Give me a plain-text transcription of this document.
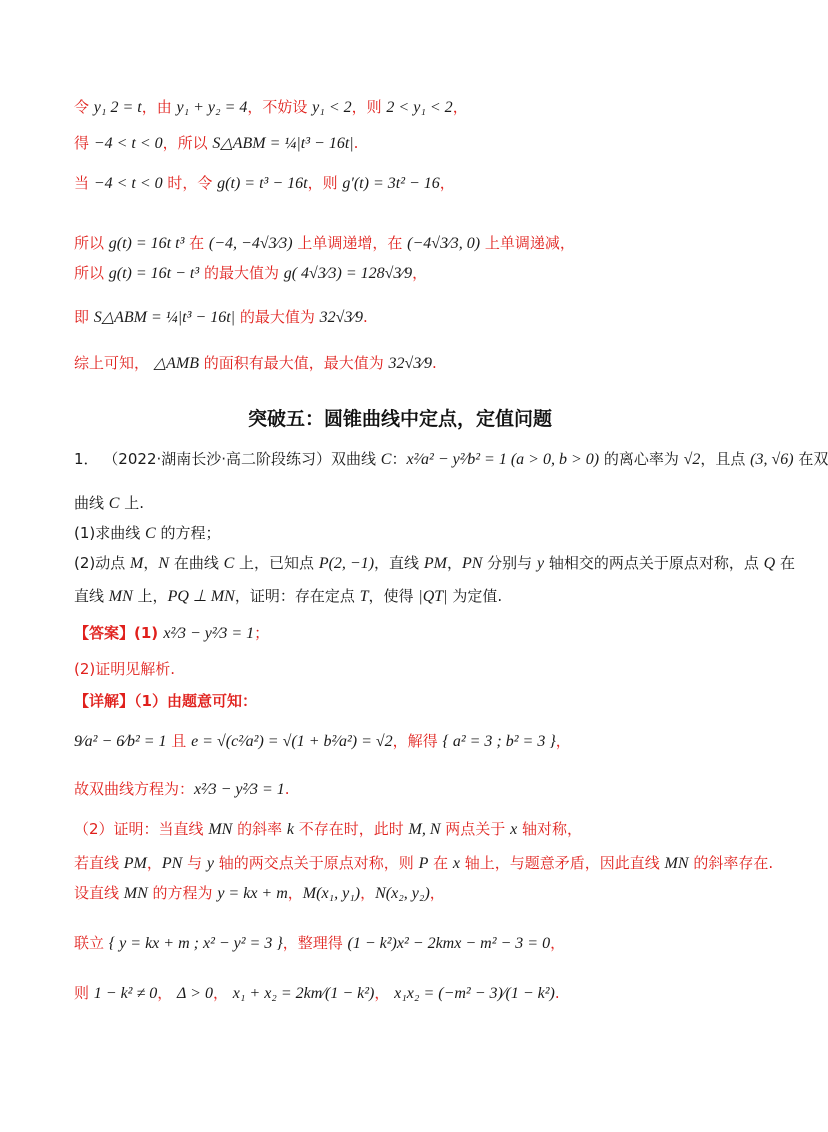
突破五：圆锥曲线中定点，定值问题
令 y₁ 2 = t，由 y₁ + y₂ = 4，不妨设 y₁ < 2，则 2 < y₁ < 2，
得 −4 < t < 0，所以 S△ABM = ¼|t³ − 16t|.
当 −4 < t < 0 时，令 g(t) = t³ − 16t，则 g′(t) = 3t² − 16，
所以 g(t) = 16t t³ 在 (−4, −4√3⁄3) 上单调递增，在 (−4√3⁄3, 0) 上单调递减，
所以 g(t) = 16t − t³ 的最大值为 g( 4√3⁄3) = 128√3⁄9，
即 S△ABM = ¼|t³ − 16t| 的最大值为 32√3⁄9.
综上可知， △AMB 的面积有最大值，最大值为 32√3⁄9.
1． （2022·湖南长沙·高二阶段练习）双曲线 C：x²⁄a² − y²⁄b² = 1 (a > 0, b > 0) 的离心率为 √2，且点 (3, √6) 在双
曲线 C 上.
(1)求曲线 C 的方程；
(2)动点 M，N 在曲线 C 上，已知点 P(2, −1)，直线 PM，PN 分别与 y 轴相交的两点关于原点对称，点 Q 在
直线 MN 上，PQ ⊥ MN，证明：存在定点 T，使得 |QT| 为定值.
【答案】(1) x²⁄3 − y²⁄3 = 1；
(2)证明见解析.
【详解】（1）由题意可知：
9⁄a² − 6⁄b² = 1 且 e = √(c²⁄a²) = √(1 + b²⁄a²) = √2，解得 { a² = 3 ; b² = 3 }，
故双曲线方程为：x²⁄3 − y²⁄3 = 1.
（2）证明：当直线 MN 的斜率 k 不存在时，此时 M, N 两点关于 x 轴对称，
若直线 PM，PN 与 y 轴的两交点关于原点对称，则 P 在 x 轴上，与题意矛盾，因此直线 MN 的斜率存在.
设直线 MN 的方程为 y = kx + m，M(x₁, y₁)，N(x₂, y₂)，
联立 { y = kx + m ; x² − y² = 3 }，整理得 (1 − k²)x² − 2kmx − m² − 3 = 0，
则 1 − k² ≠ 0， Δ > 0， x₁ + x₂ = 2km⁄(1 − k²)， x₁x₂ = (−m² − 3)⁄(1 − k²).
